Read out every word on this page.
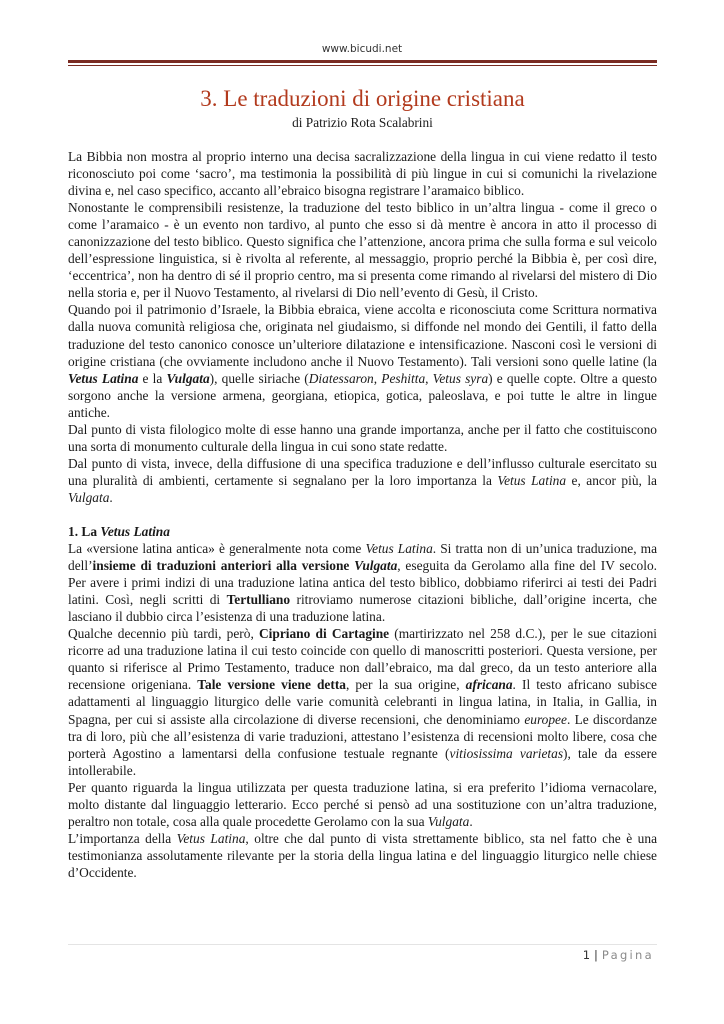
www.bicudi.net
3. Le traduzioni di origine cristiana
di Patrizio Rota Scalabrini

La Bibbia non mostra al proprio interno una decisa sacralizzazione della lingua in cui viene redatto il testo riconosciuto poi come ‘sacro’, ma testimonia la possibilità di più lingue in cui si comunichi la rivelazione divina e, nel caso specifico, accanto all’ebraico bisogna registrare l’aramaico biblico.

Nonostante le comprensibili resistenze, la traduzione del testo biblico in un’altra lingua - come il greco o come l’aramaico - è un evento non tardivo, al punto che esso si dà mentre è ancora in atto il processo di canonizzazione del testo biblico. Questo significa che l’attenzione, ancora prima che sulla forma e sul veicolo dell’espressione linguistica, si è rivolta al referente, al messaggio, proprio perché la Bibbia è, per così dire, ‘eccentrica’, non ha dentro di sé il proprio centro, ma si presenta come rimando al rivelarsi del mistero di Dio nella storia e, per il Nuovo Testamento, al rivelarsi di Dio nell’evento di Gesù, il Cristo.

Quando poi il patrimonio d’Israele, la Bibbia ebraica, viene accolta e riconosciuta come Scrittura normativa dalla nuova comunità religiosa che, originata nel giudaismo, si diffonde nel mondo dei Gentili, il fatto della traduzione del testo canonico conosce un’ulteriore dilatazione e intensificazione. Nasconi così le versioni di origine cristiana (che ovviamente includono anche il Nuovo Testamento). Tali versioni sono quelle latine (la Vetus Latina e la Vulgata), quelle siriache (Diatessaron, Peshitta, Vetus syra) e quelle copte. Oltre a questo sorgono anche la versione armena, georgiana, etiopica, gotica, paleoslava, e poi tutte le altre in lingue antiche.

Dal punto di vista filologico molte di esse hanno una grande importanza, anche per il fatto che costituiscono una sorta di monumento culturale della lingua in cui sono state redatte.

Dal punto di vista, invece, della diffusione di una specifica traduzione e dell’influsso culturale esercitato su una pluralità di ambienti, certamente si segnalano per la loro importanza la Vetus Latina e, ancor più, la Vulgata.

1. La Vetus Latina

La «versione latina antica» è generalmente nota come Vetus Latina. Si tratta non di un’unica traduzione, ma dell’insieme di traduzioni anteriori alla versione Vulgata, eseguita da Gerolamo alla fine del IV secolo. Per avere i primi indizi di una traduzione latina antica del testo biblico, dobbiamo riferirci ai testi dei Padri latini. Così, negli scritti di Tertulliano ritroviamo numerose citazioni bibliche, dall’origine incerta, che lasciano il dubbio circa l’esistenza di una traduzione latina.

Qualche decennio più tardi, però, Cipriano di Cartagine (martirizzato nel 258 d.C.), per le sue citazioni ricorre ad una traduzione latina il cui testo coincide con quello di manoscritti posteriori. Questa versione, per quanto si riferisce al Primo Testamento, traduce non dall’ebraico, ma dal greco, da un testo anteriore alla recensione origeniana. Tale versione viene detta, per la sua origine, africana. Il testo africano subisce adattamenti al linguaggio liturgico delle varie comunità celebranti in lingua latina, in Italia, in Gallia, in Spagna, per cui si assiste alla circolazione di diverse recensioni, che denominiamo europee. Le discordanze tra di loro, più che all’esistenza di varie traduzioni, attestano l’esistenza di recensioni molto libere, cosa che porterà Agostino a lamentarsi della confusione testuale regnante (vitiosissima varietas), tale da essere intollerabile.

Per quanto riguarda la lingua utilizzata per questa traduzione latina, si era preferito l’idioma vernacolare, molto distante dal linguaggio letterario. Ecco perché si pensò ad una sostituzione con un’altra traduzione, peraltro non totale, cosa alla quale procedette Gerolamo con la sua Vulgata.

L’importanza della Vetus Latina, oltre che dal punto di vista strettamente biblico, sta nel fatto che è una testimonianza assolutamente rilevante per la storia della lingua latina e del linguaggio liturgico nelle chiese d’Occidente.

1 | Pagina
